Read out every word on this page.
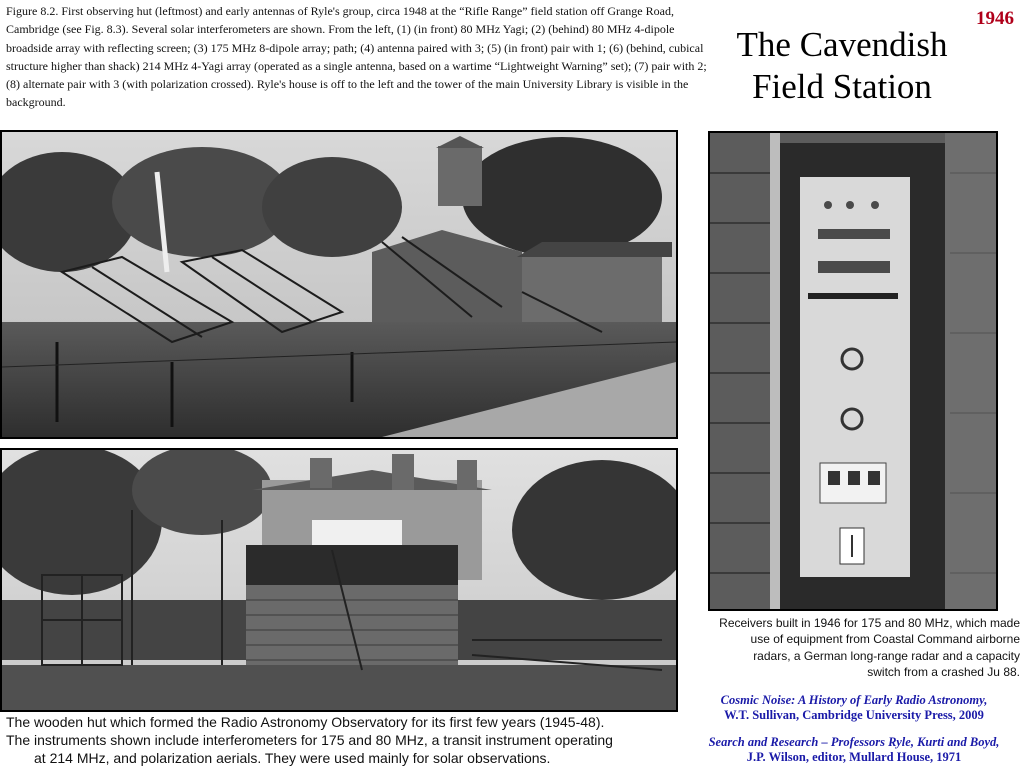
Figure 8.2. First observing hut (leftmost) and early antennas of Ryle's group, circa 1948 at the “Rifle Range” field station off Grange Road, Cambridge (see Fig. 8.3). Several solar interferometers are shown. From the left, (1) (in front) 80 MHz Yagi; (2) (behind) 80 MHz 4-dipole broadside array with reflecting screen; (3) 175 MHz 8-dipole array; path; (4) antenna paired with 3; (5) (in front) pair with 1; (6) (behind, cubical structure higher than shack) 214 MHz 4-Yagi array (operated as a single antenna, based on a wartime “Lightweight Warning” set); (7) pair with 2; (8) alternate pair with 3 (with polarization crossed). Ryle's house is off to the left and the tower of the main University Library is visible in the background.
1946
The Cavendish
Field Station
The wooden hut which formed the Radio Astronomy Observatory for its first few years (1945-48).
The instruments shown include interferometers for 175 and 80 MHz, a transit instrument operating

at 214 MHz, and polarization aerials. They were used mainly for solar observations.
Receivers built in 1946 for 175 and 80 MHz, which made
use of equipment from Coastal Command airborne
radars, a German long-range radar and a capacity
switch from a crashed Ju 88.
Cosmic Noise: A History of Early Radio Astronomy,
W.T. Sullivan, Cambridge University Press, 2009
Search and Research – Professors Ryle, Kurti and Boyd,
J.P. Wilson, editor, Mullard House, 1971
